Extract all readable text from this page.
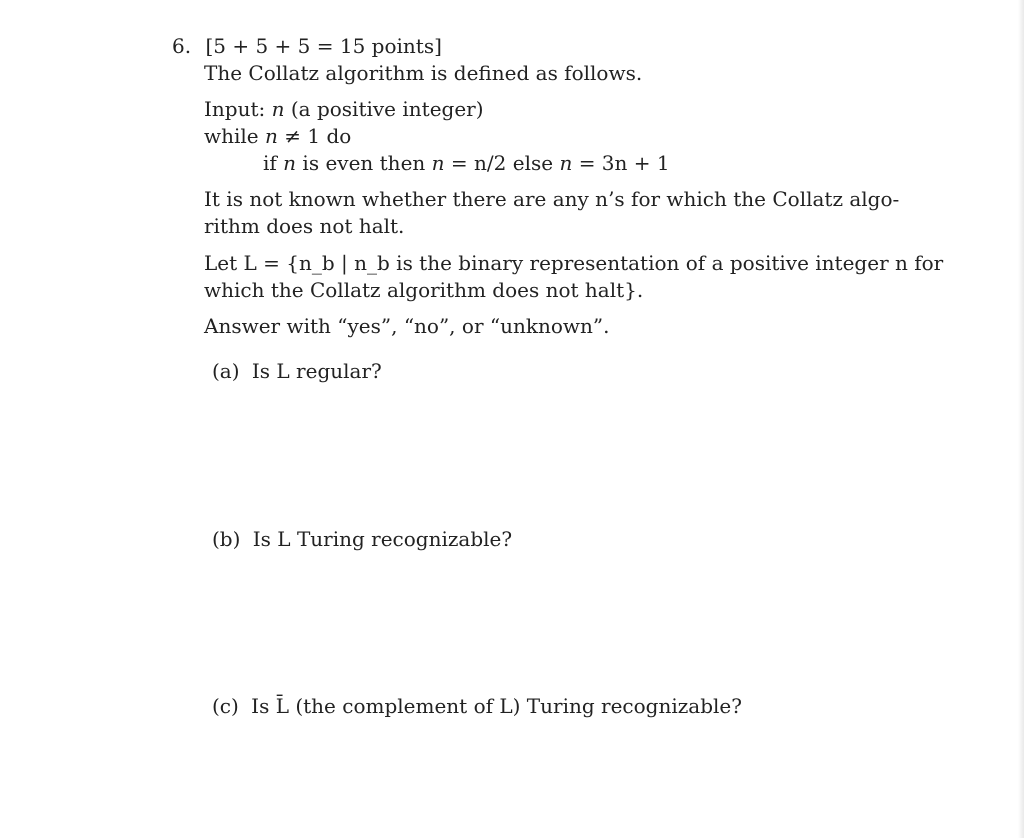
6. [5 + 5 + 5 = 15 points]
The Collatz algorithm is defined as follows.
Input: n (a positive integer)
while n ≠ 1 do
if n is even then n = n/2 else n = 3n + 1
It is not known whether there are any n’s for which the Collatz algo-
rithm does not halt.
Let L = {n_b | n_b is the binary representation of a positive integer n for
which the Collatz algorithm does not halt}.
Answer with “yes”, “no”, or “unknown”.
(a) Is L regular?
(b) Is L Turing recognizable?
(c) Is L̄ (the complement of L) Turing recognizable?
